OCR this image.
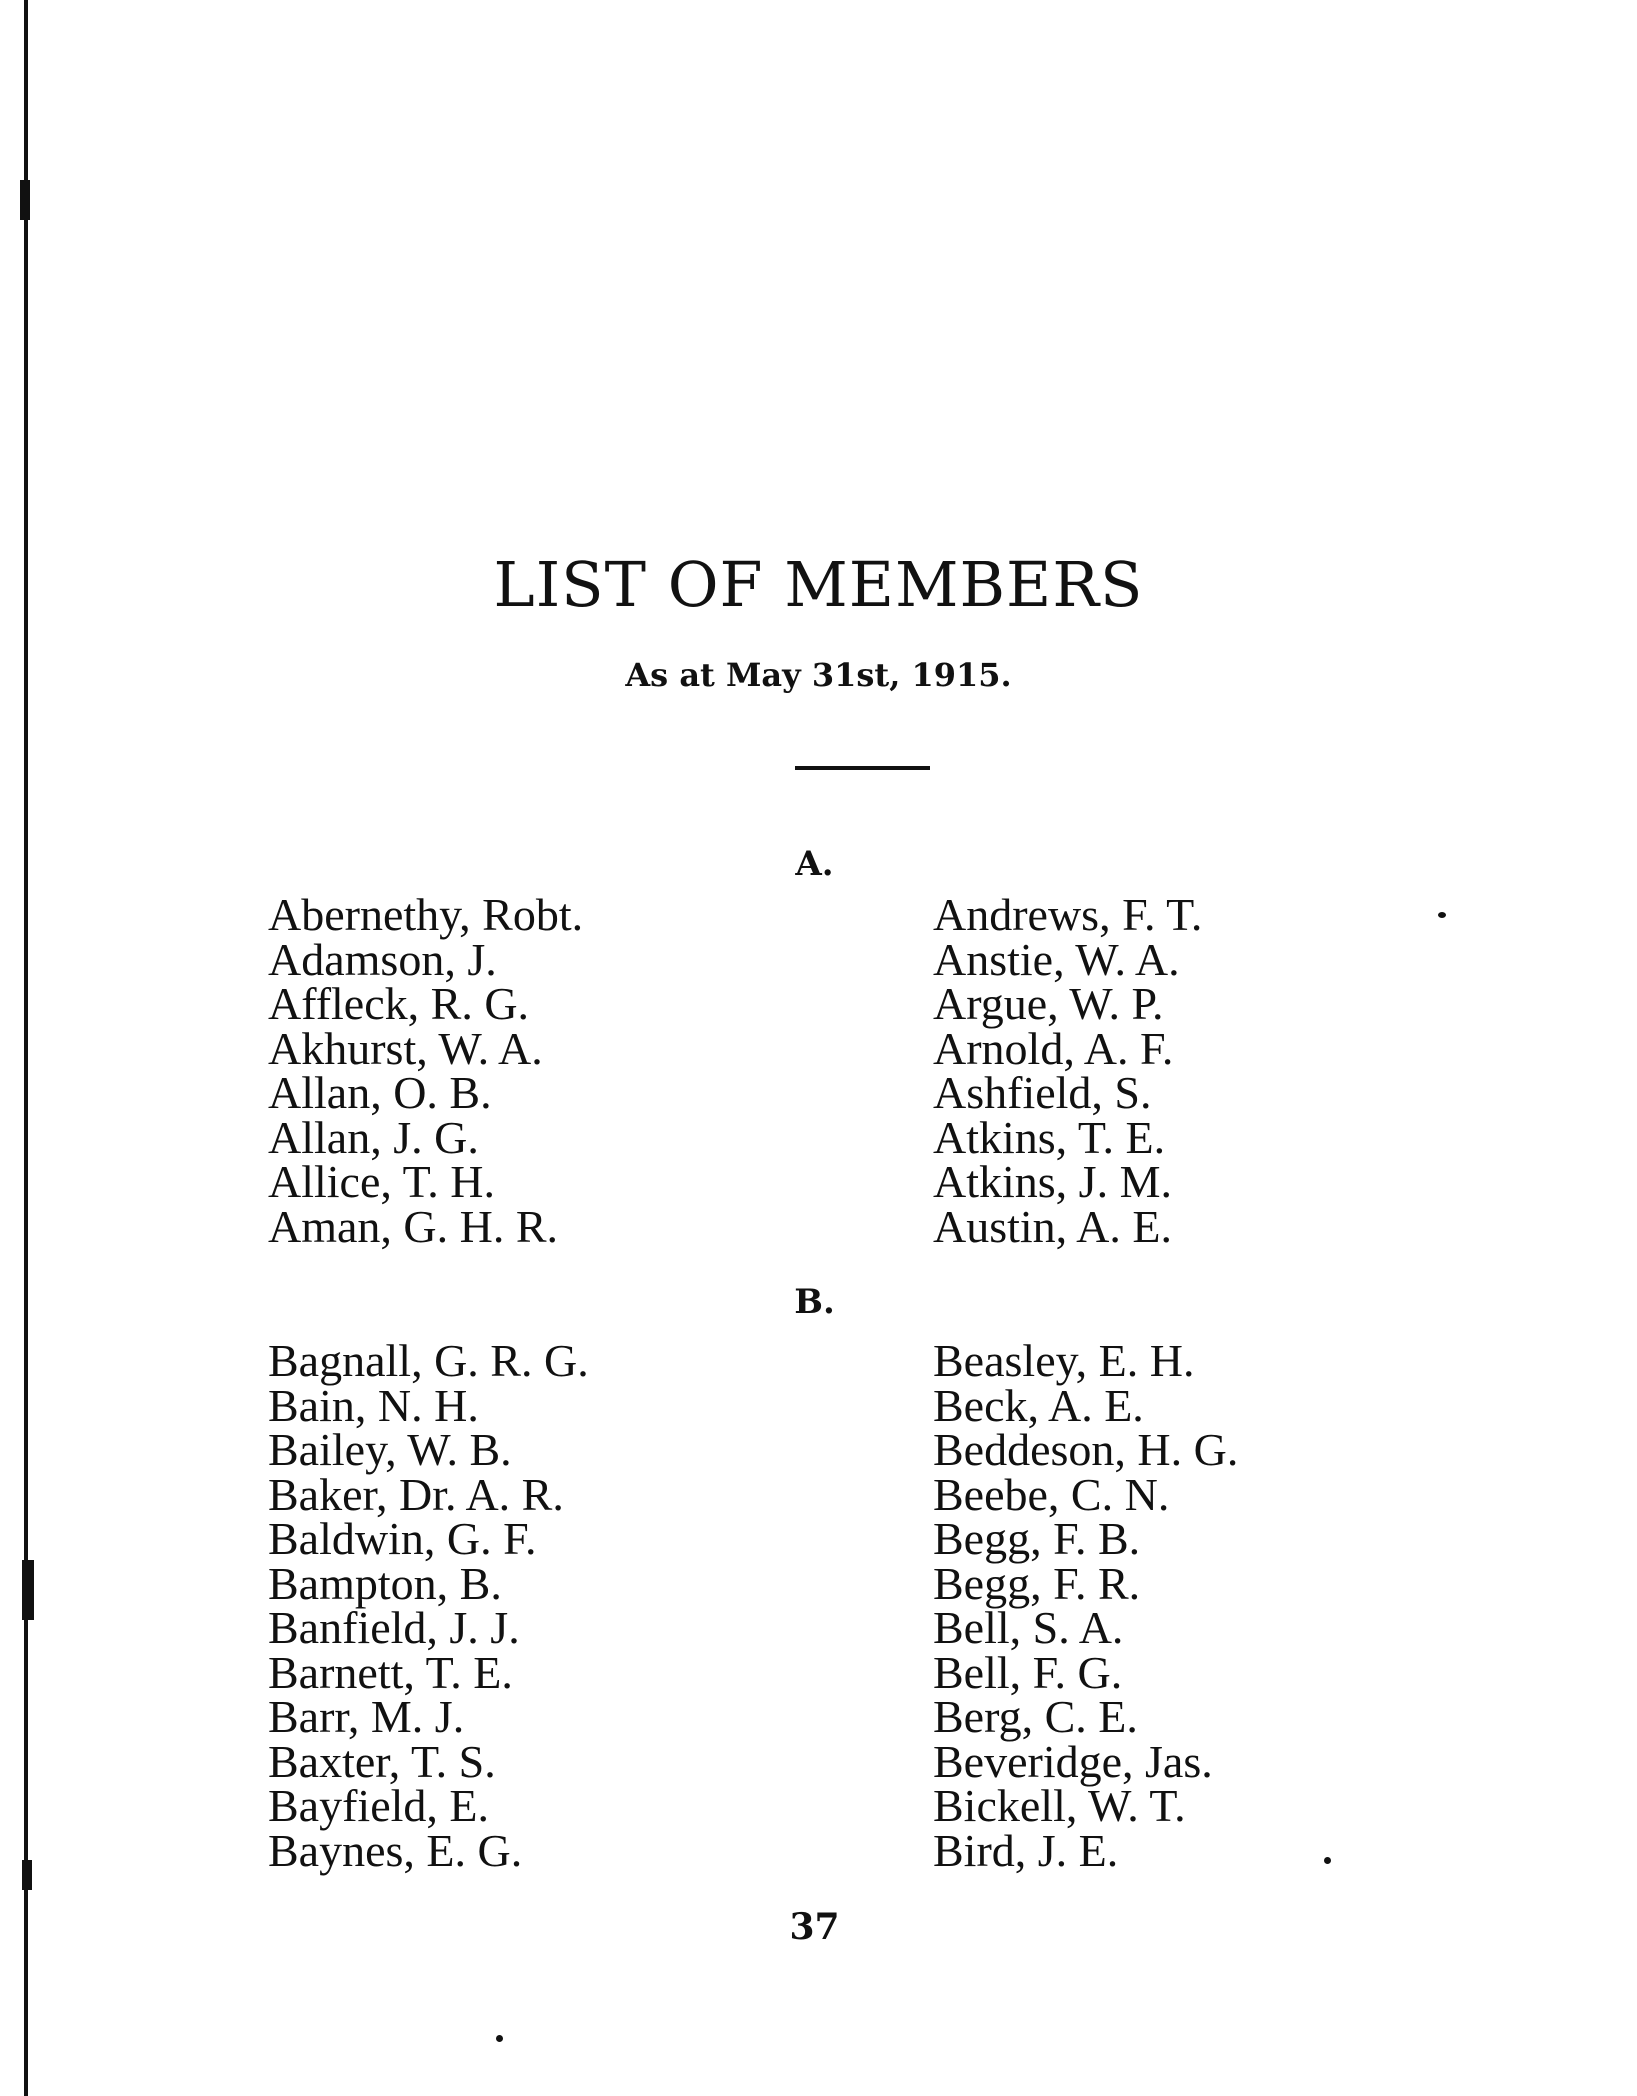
LIST OF MEMBERS
As at May 31st, 1915.
A.
Abernethy, Robt.
Adamson, J.
Affleck, R. G.
Akhurst, W. A.
Allan, O. B.
Allan, J. G.
Allice, T. H.
Aman, G. H. R.
Andrews, F. T.
Anstie, W. A.
Argue, W. P.
Arnold, A. F.
Ashfield, S.
Atkins, T. E.
Atkins, J. M.
Austin, A. E.
B.
Bagnall, G. R. G.
Bain, N. H.
Bailey, W. B.
Baker, Dr. A. R.
Baldwin, G. F.
Bampton, B.
Banfield, J. J.
Barnett, T. E.
Barr, M. J.
Baxter, T. S.
Bayfield, E.
Baynes, E. G.
Beasley, E. H.
Beck, A. E.
Beddeson, H. G.
Beebe, C. N.
Begg, F. B.
Begg, F. R.
Bell, S. A.
Bell, F. G.
Berg, C. E.
Beveridge, Jas.
Bickell, W. T.
Bird, J. E.
37
